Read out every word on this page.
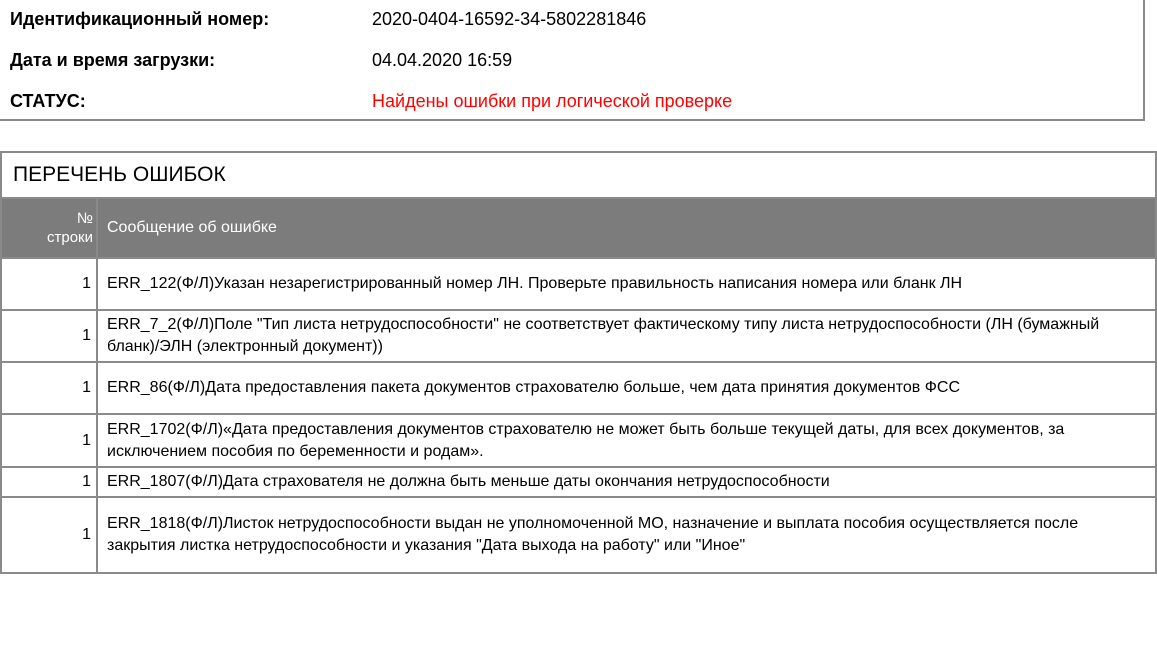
Идентификационный номер:	2020-0404-16592-34-5802281846
Дата и время загрузки:	04.04.2020 16:59
СТАТУС:	Найдены ошибки при логической проверке
ПЕРЕЧЕНЬ ОШИБОК	
№
строки	Сообщение об ошибке
1	ERR_122(Ф/Л)Указан незарегистрированный номер ЛН. Проверьте правильность написания номера или бланк ЛН
1	ERR_7_2(Ф/Л)Поле "Тип листа нетрудоспособности" не соответствует фактическому типу листа нетрудоспособности (ЛН (бумажный бланк)/ЭЛН (электронный документ))
1	ERR_86(Ф/Л)Дата предоставления пакета документов страхователю больше, чем дата принятия документов ФСС
1	ERR_1702(Ф/Л)«Дата предоставления документов страхователю не может быть больше текущей даты, для всех документов, за исключением пособия по беременности и родам».
1	ERR_1807(Ф/Л)Дата страхователя не должна быть меньше даты окончания нетрудоспособности
1	ERR_1818(Ф/Л)Листок нетрудоспособности выдан не уполномоченной МО, назначение и выплата пособия осуществляется после закрытия листка нетрудоспособности и указания "Дата выхода на работу" или "Иное"
